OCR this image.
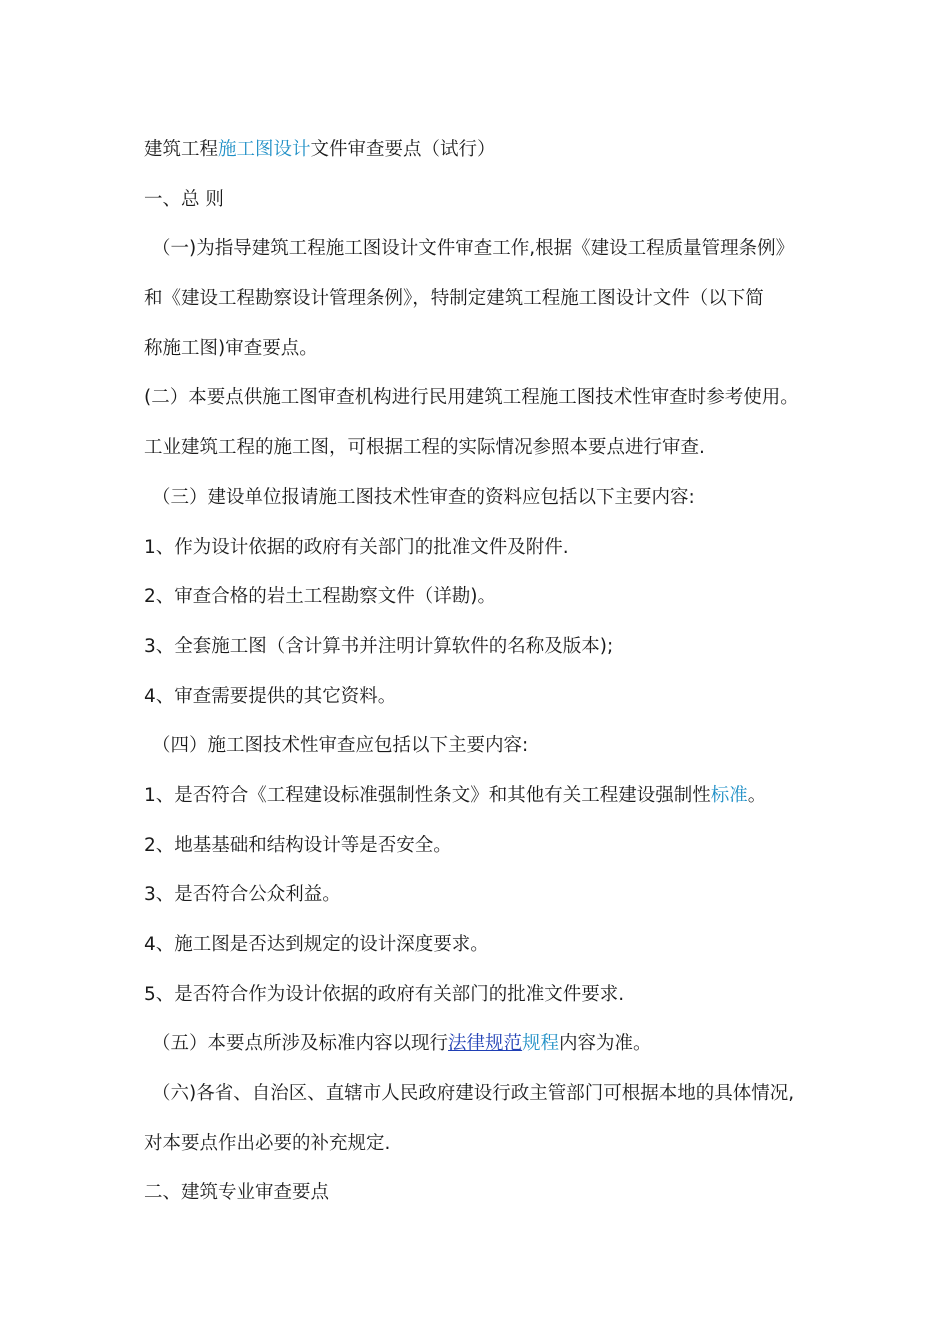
建筑工程施工图设计文件审查要点（试行）
一、总 则
（一)为指导建筑工程施工图设计文件审查工作,根据《建设工程质量管理条例》
和《建设工程勘察设计管理条例》，特制定建筑工程施工图设计文件（以下简
称施工图)审查要点。
(二）本要点供施工图审查机构进行民用建筑工程施工图技术性审查时参考使用。
工业建筑工程的施工图，可根据工程的实际情况参照本要点进行审查.
（三）建设单位报请施工图技术性审查的资料应包括以下主要内容:
1、作为设计依据的政府有关部门的批准文件及附件.
2、审查合格的岩土工程勘察文件（详勘)。
3、全套施工图（含计算书并注明计算软件的名称及版本);
4、审查需要提供的其它资料。
（四）施工图技术性审查应包括以下主要内容:
1、是否符合《工程建设标准强制性条文》和其他有关工程建设强制性标准。
2、地基基础和结构设计等是否安全。
3、是否符合公众利益。
4、施工图是否达到规定的设计深度要求。
5、是否符合作为设计依据的政府有关部门的批准文件要求.
（五）本要点所涉及标准内容以现行法律规范规程内容为准。
（六)各省、自治区、直辖市人民政府建设行政主管部门可根据本地的具体情况,
对本要点作出必要的补充规定.
二、建筑专业审查要点
